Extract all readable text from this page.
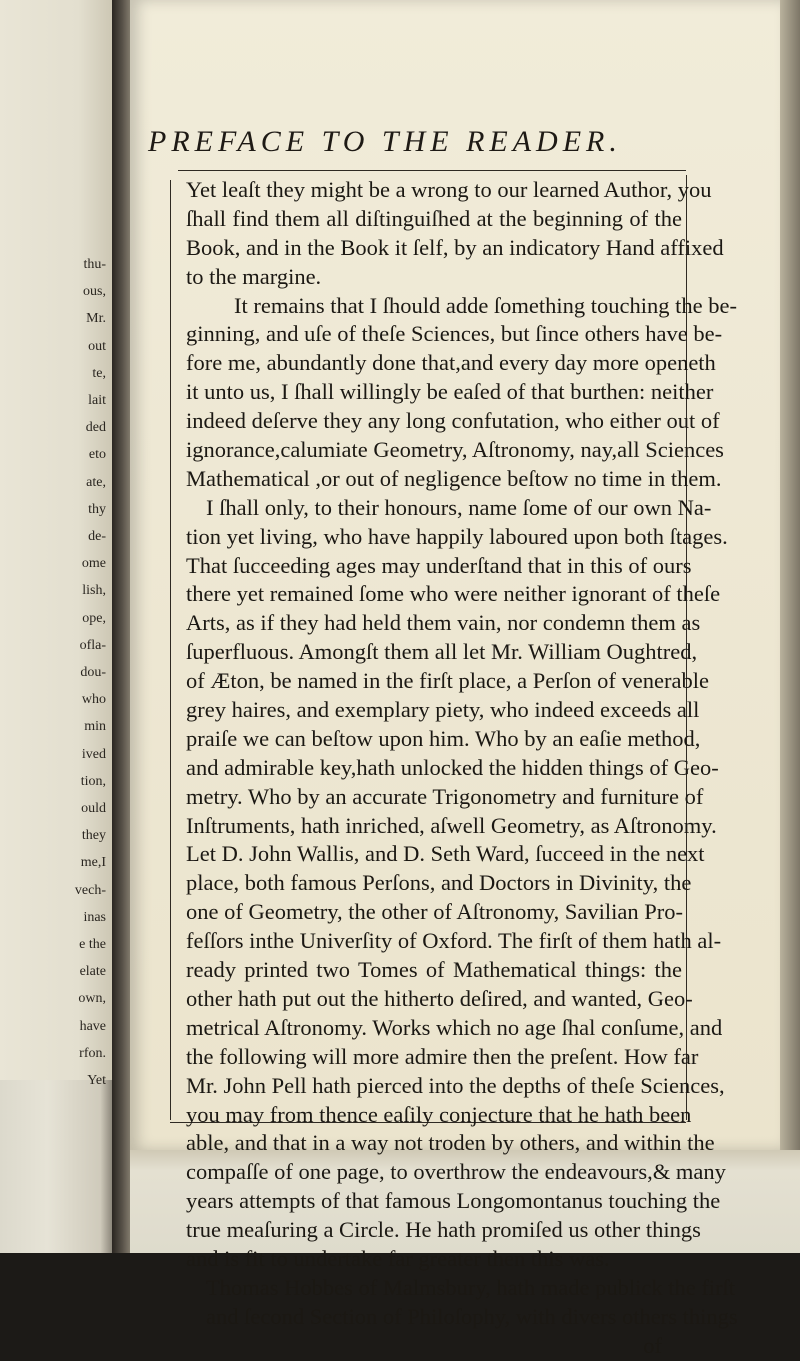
thu-
ous,
Mr.
out
te,
lait
ded
eto
ate,
thy
de-
ome
lish,
ope,
ofla-
dou-
who
min
ived
tion,
ould
they
me,I
vech-
inas
e the
elate
own,
have
rfon.
Yet
PREFACE TO THE READER.
Yet leaſt they might be a wrong to our learned Author, you
ſhall find them all diſtinguiſhed at the beginning of the
Book, and in the Book it ſelf, by an indicatory Hand affixed
to the margine.
It remains that I ſhould adde ſomething touching the be-
ginning, and uſe of theſe Sciences, but ſince others have be-
fore me, abundantly done that,and every day more openeth
it unto us, I ſhall willingly be eaſed of that burthen: neither
indeed deſerve they any long confutation, who either out of
ignorance,calumiate Geometry, Aſtronomy, nay,all Sciences
Mathematical ,or out of negligence beſtow no time in them.
I ſhall only, to their honours, name ſome of our own Na-
tion yet living, who have happily laboured upon both ſtages.
That ſucceeding ages may underſtand that in this of ours
there yet remained ſome who were neither ignorant of theſe
Arts, as if they had held them vain, nor condemn them as
ſuperfluous. Amongſt them all let Mr. William Oughtred,
of Æton, be named in the firſt place, a Perſon of venerable
grey haires, and exemplary piety, who indeed exceeds all
praiſe we can beſtow upon him. Who by an eaſie method,
and admirable key,hath unlocked the hidden things of Geo-
metry. Who by an accurate Trigonometry and furniture of
Inſtruments, hath inriched, aſwell Geometry, as Aſtronomy.
Let D. John Wallis, and D. Seth Ward, ſucceed in the next
place, both famous Perſons, and Doctors in Divinity, the
one of Geometry, the other of Aſtronomy, Savilian Pro-
feſſors inthe Univerſity of Oxford. The firſt of them hath al-
ready printed two Tomes of Mathematical things: the
other hath put out the hitherto deſired, and wanted, Geo-
metrical Aſtronomy. Works which no age ſhal conſume, and
the following will more admire then the preſent. How far
Mr. John Pell hath pierced into the depths of theſe Sciences,
you may from thence eaſily conjecture that he hath been
able, and that in a way not troden by others, and within the
compaſſe of one page, to overthrow the endeavours,& many
years attempts of that famous Longomontanus touching the
true meaſuring a Circle. He hath promiſed us other things
and is fit to undertake far greater then this was.
Thomas Hobbes of Malmsbury, hath made publick the firſt
and ſecond Section of Philoſophy, with divers others things
of
